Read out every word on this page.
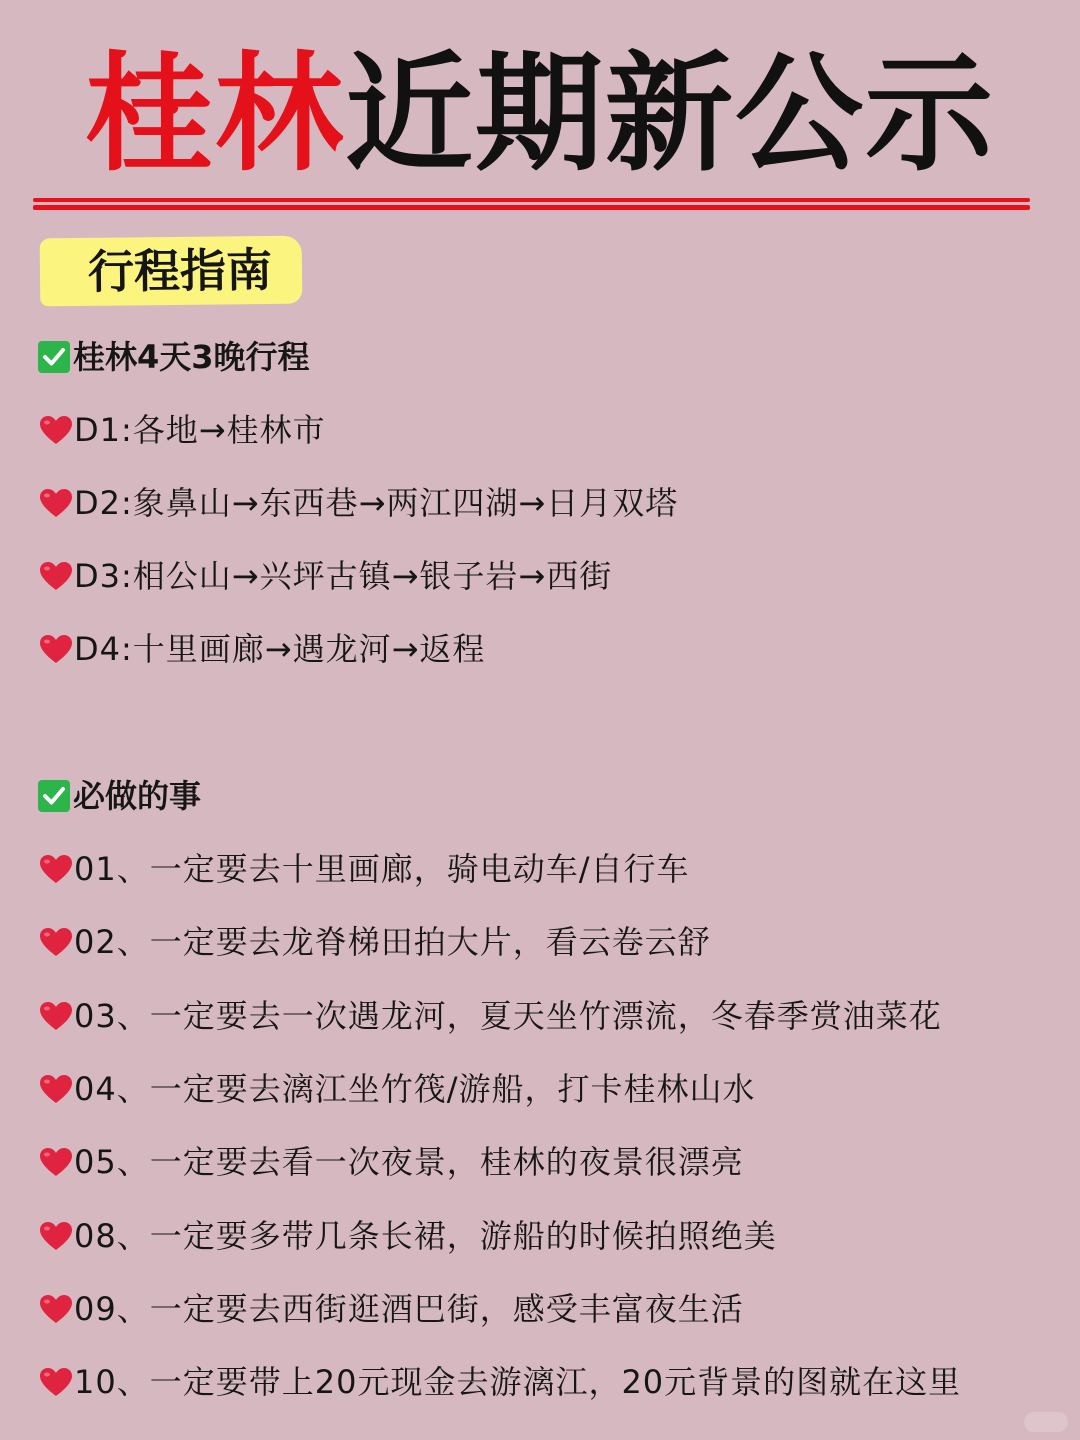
桂林近期新公示
行程指南
桂林4天3晚行程
D1:各地→桂林市
D2:象鼻山→东西巷→两江四湖→日月双塔
D3:相公山→兴坪古镇→银子岩→西街
D4:十里画廊→遇龙河→返程
必做的事
01、一定要去十里画廊，骑电动车/自行车
02、一定要去龙脊梯田拍大片，看云卷云舒
03、一定要去一次遇龙河，夏天坐竹漂流，冬春季赏油菜花
04、一定要去漓江坐竹筏/游船，打卡桂林山水
05、一定要去看一次夜景，桂林的夜景很漂亮
08、一定要多带几条长裙，游船的时候拍照绝美
09、一定要去西街逛酒巴街，感受丰富夜生活
10、一定要带上20元现金去游漓江，20元背景的图就在这里
